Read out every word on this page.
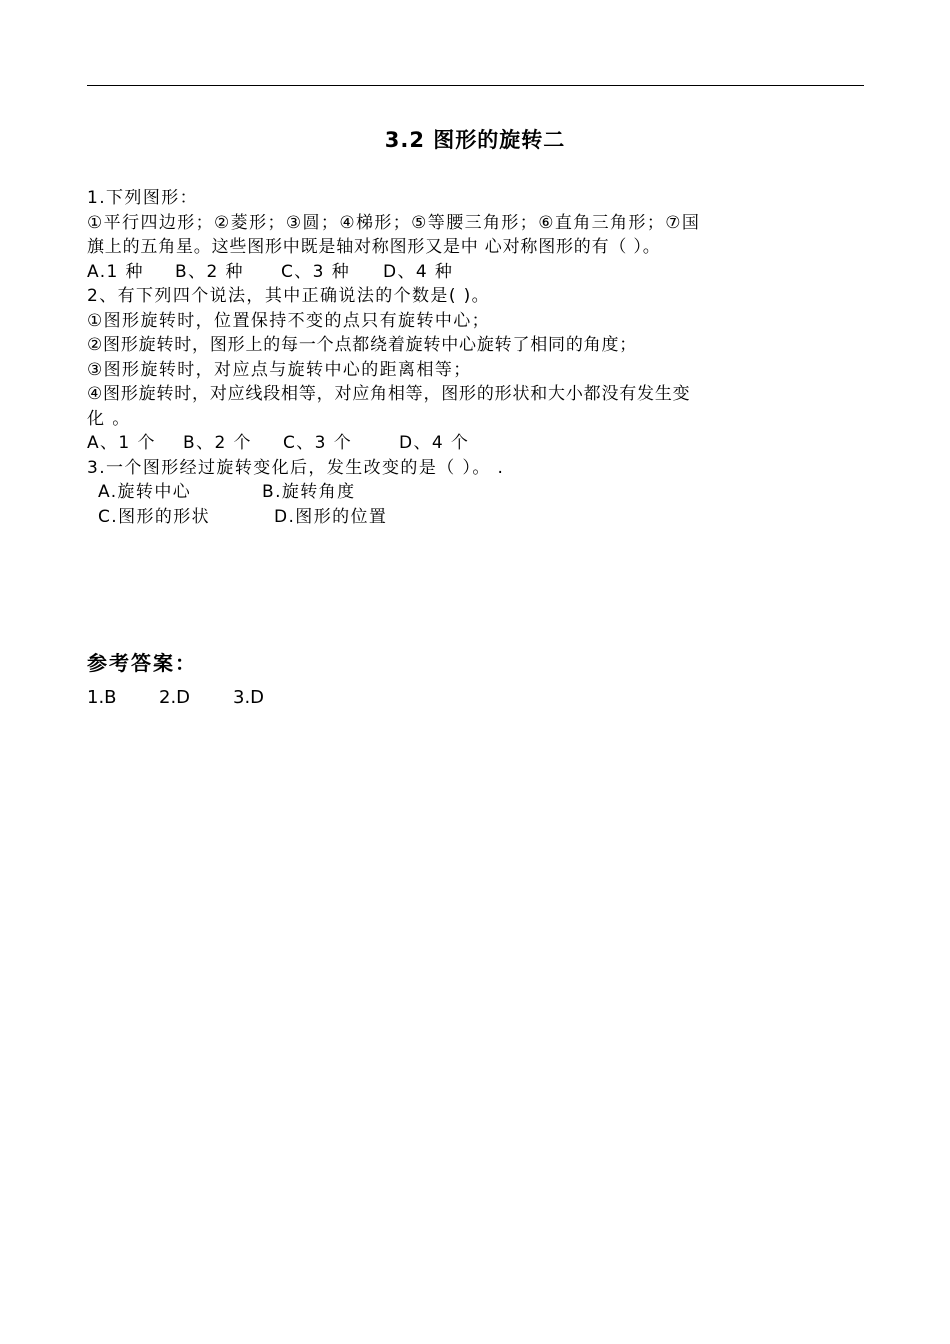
3.2 图形的旋转二
1.下列图形：
①平行四边形；②菱形；③圆；④梯形；⑤等腰三角形；⑥直角三角形；⑦国
旗上的五角星。这些图形中既是轴对称图形又是中 心对称图形的有（ ）。
A.1 种 B、2 种 C、3 种 D、4 种
2、有下列四个说法，其中正确说法的个数是( )。
①图形旋转时，位置保持不变的点只有旋转中心；
②图形旋转时，图形上的每一个点都绕着旋转中心旋转了相同的角度；
③图形旋转时，对应点与旋转中心的距离相等；
④图形旋转时，对应线段相等，对应角相等，图形的形状和大小都没有发生变
化 。
A、1 个 B、2 个 C、3 个	D、4 个
3.一个图形经过旋转变化后，发生改变的是（ ）。 .
A.旋转中心	B.旋转角度
C.图形的形状	D.图形的位置
参考答案：
1.B 2.D 3.D
